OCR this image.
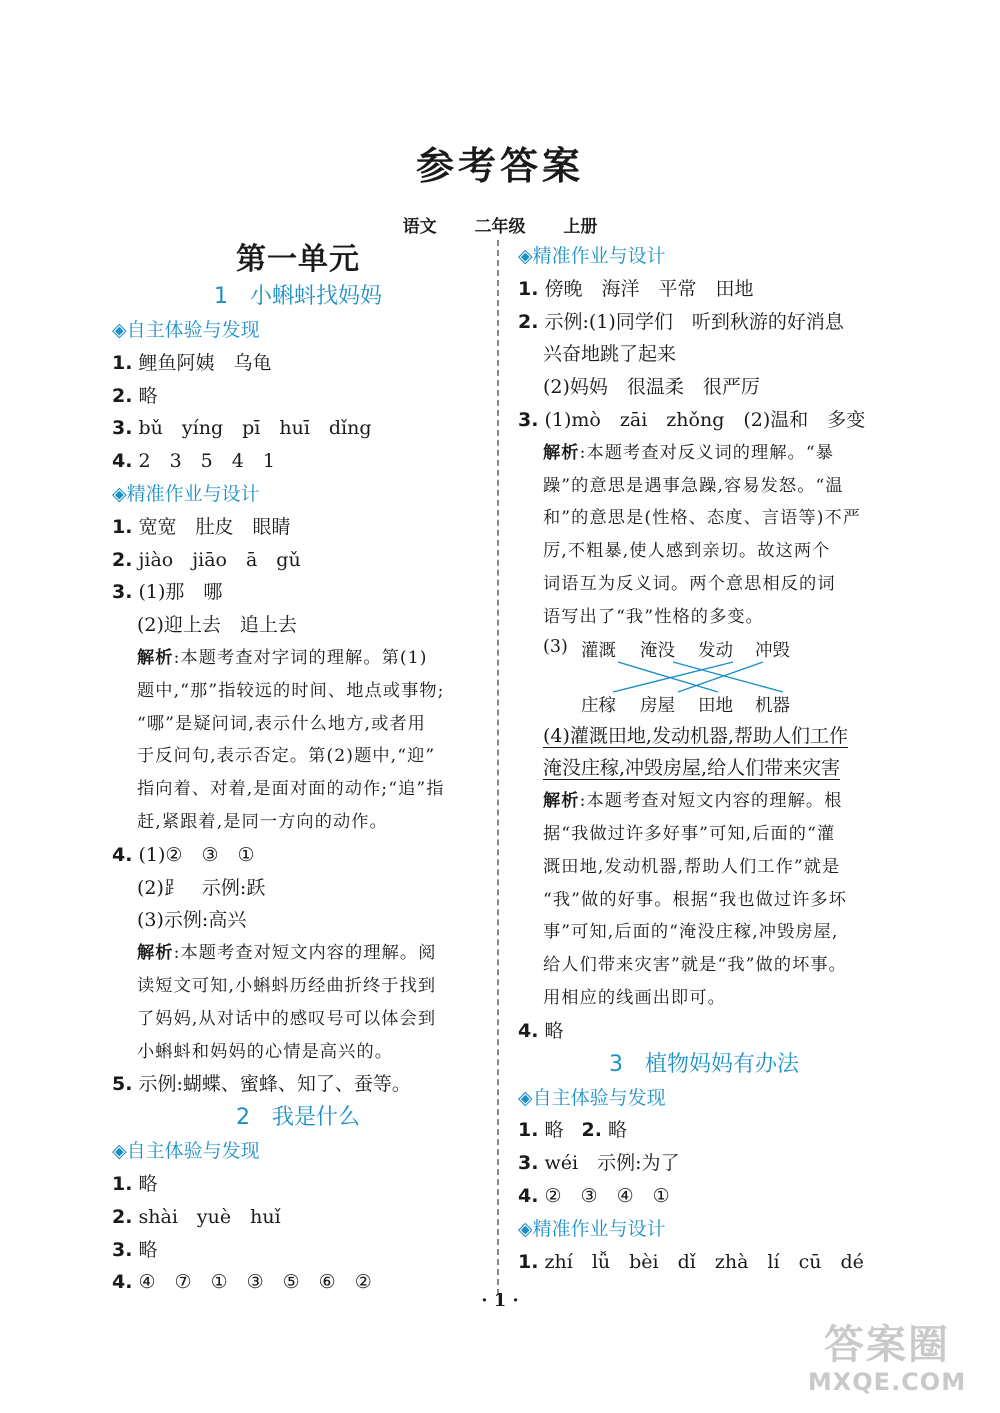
参考答案
语文 二年级 上册
第一单元
1 小蝌蚪找妈妈
◈自主体验与发现
1. 鲤鱼阿姨　乌龟
2. 略
3. bǔ　yíng　pī　huī　dǐng
4. 2　3　5　4　1
◈精准作业与设计
1. 宽宽　肚皮　眼睛
2. jiào　jiāo　ā　gǔ
3. (1)那　哪
(2)迎上去　追上去
解析:本题考查对字词的理解。第(1)
题中,“那”指较远的时间、地点或事物;
“哪”是疑问词,表示什么地方,或者用
于反问句,表示否定。第(2)题中,“迎”
指向着、对着,是面对面的动作;“追”指
赶,紧跟着,是同一方向的动作。
4. (1)②　③　①
(2)⻊　示例:跃
(3)示例:高兴
解析:本题考查对短文内容的理解。阅
读短文可知,小蝌蚪历经曲折终于找到
了妈妈,从对话中的感叹号可以体会到
小蝌蚪和妈妈的心情是高兴的。
5. 示例:蝴蝶、蜜蜂、知了、蚕等。
2 我是什么
◈自主体验与发现
1. 略
2. shài　yuè　huǐ
3. 略
4. ④　⑦　①　③　⑤　⑥　②
◈精准作业与设计
1. 傍晚　海洋　平常　田地
2. 示例:(1)同学们　听到秋游的好消息
兴奋地跳了起来
(2)妈妈　很温柔　很严厉
3. (1)mò　zāi　zhǒng　(2)温和　多变
解析:本题考查对反义词的理解。“暴
躁”的意思是遇事急躁,容易发怒。“温
和”的意思是(性格、态度、言语等)不严
厉,不粗暴,使人感到亲切。故这两个
词语互为反义词。两个意思相反的词
语写出了“我”性格的多变。
(3) 灌溉 淹没 发动 冲毁
庄稼 房屋 田地 机器
(4)灌溉田地,发动机器,帮助人们工作
淹没庄稼,冲毁房屋,给人们带来灾害
解析:本题考查对短文内容的理解。根
据“我做过许多好事”可知,后面的“灌
溉田地,发动机器,帮助人们工作”就是
“我”做的好事。根据“我也做过许多坏
事”可知,后面的“淹没庄稼,冲毁房屋,
给人们带来灾害”就是“我”做的坏事。
用相应的线画出即可。
4. 略
3 植物妈妈有办法
◈自主体验与发现
1. 略 2. 略
3. wéi　示例:为了
4. ②　③　④　①
◈精准作业与设计
1. zhí　lǚ　bèi　dǐ　zhà　lí　cū　dé
· 1 ·
答案圈
MXQE.COM
